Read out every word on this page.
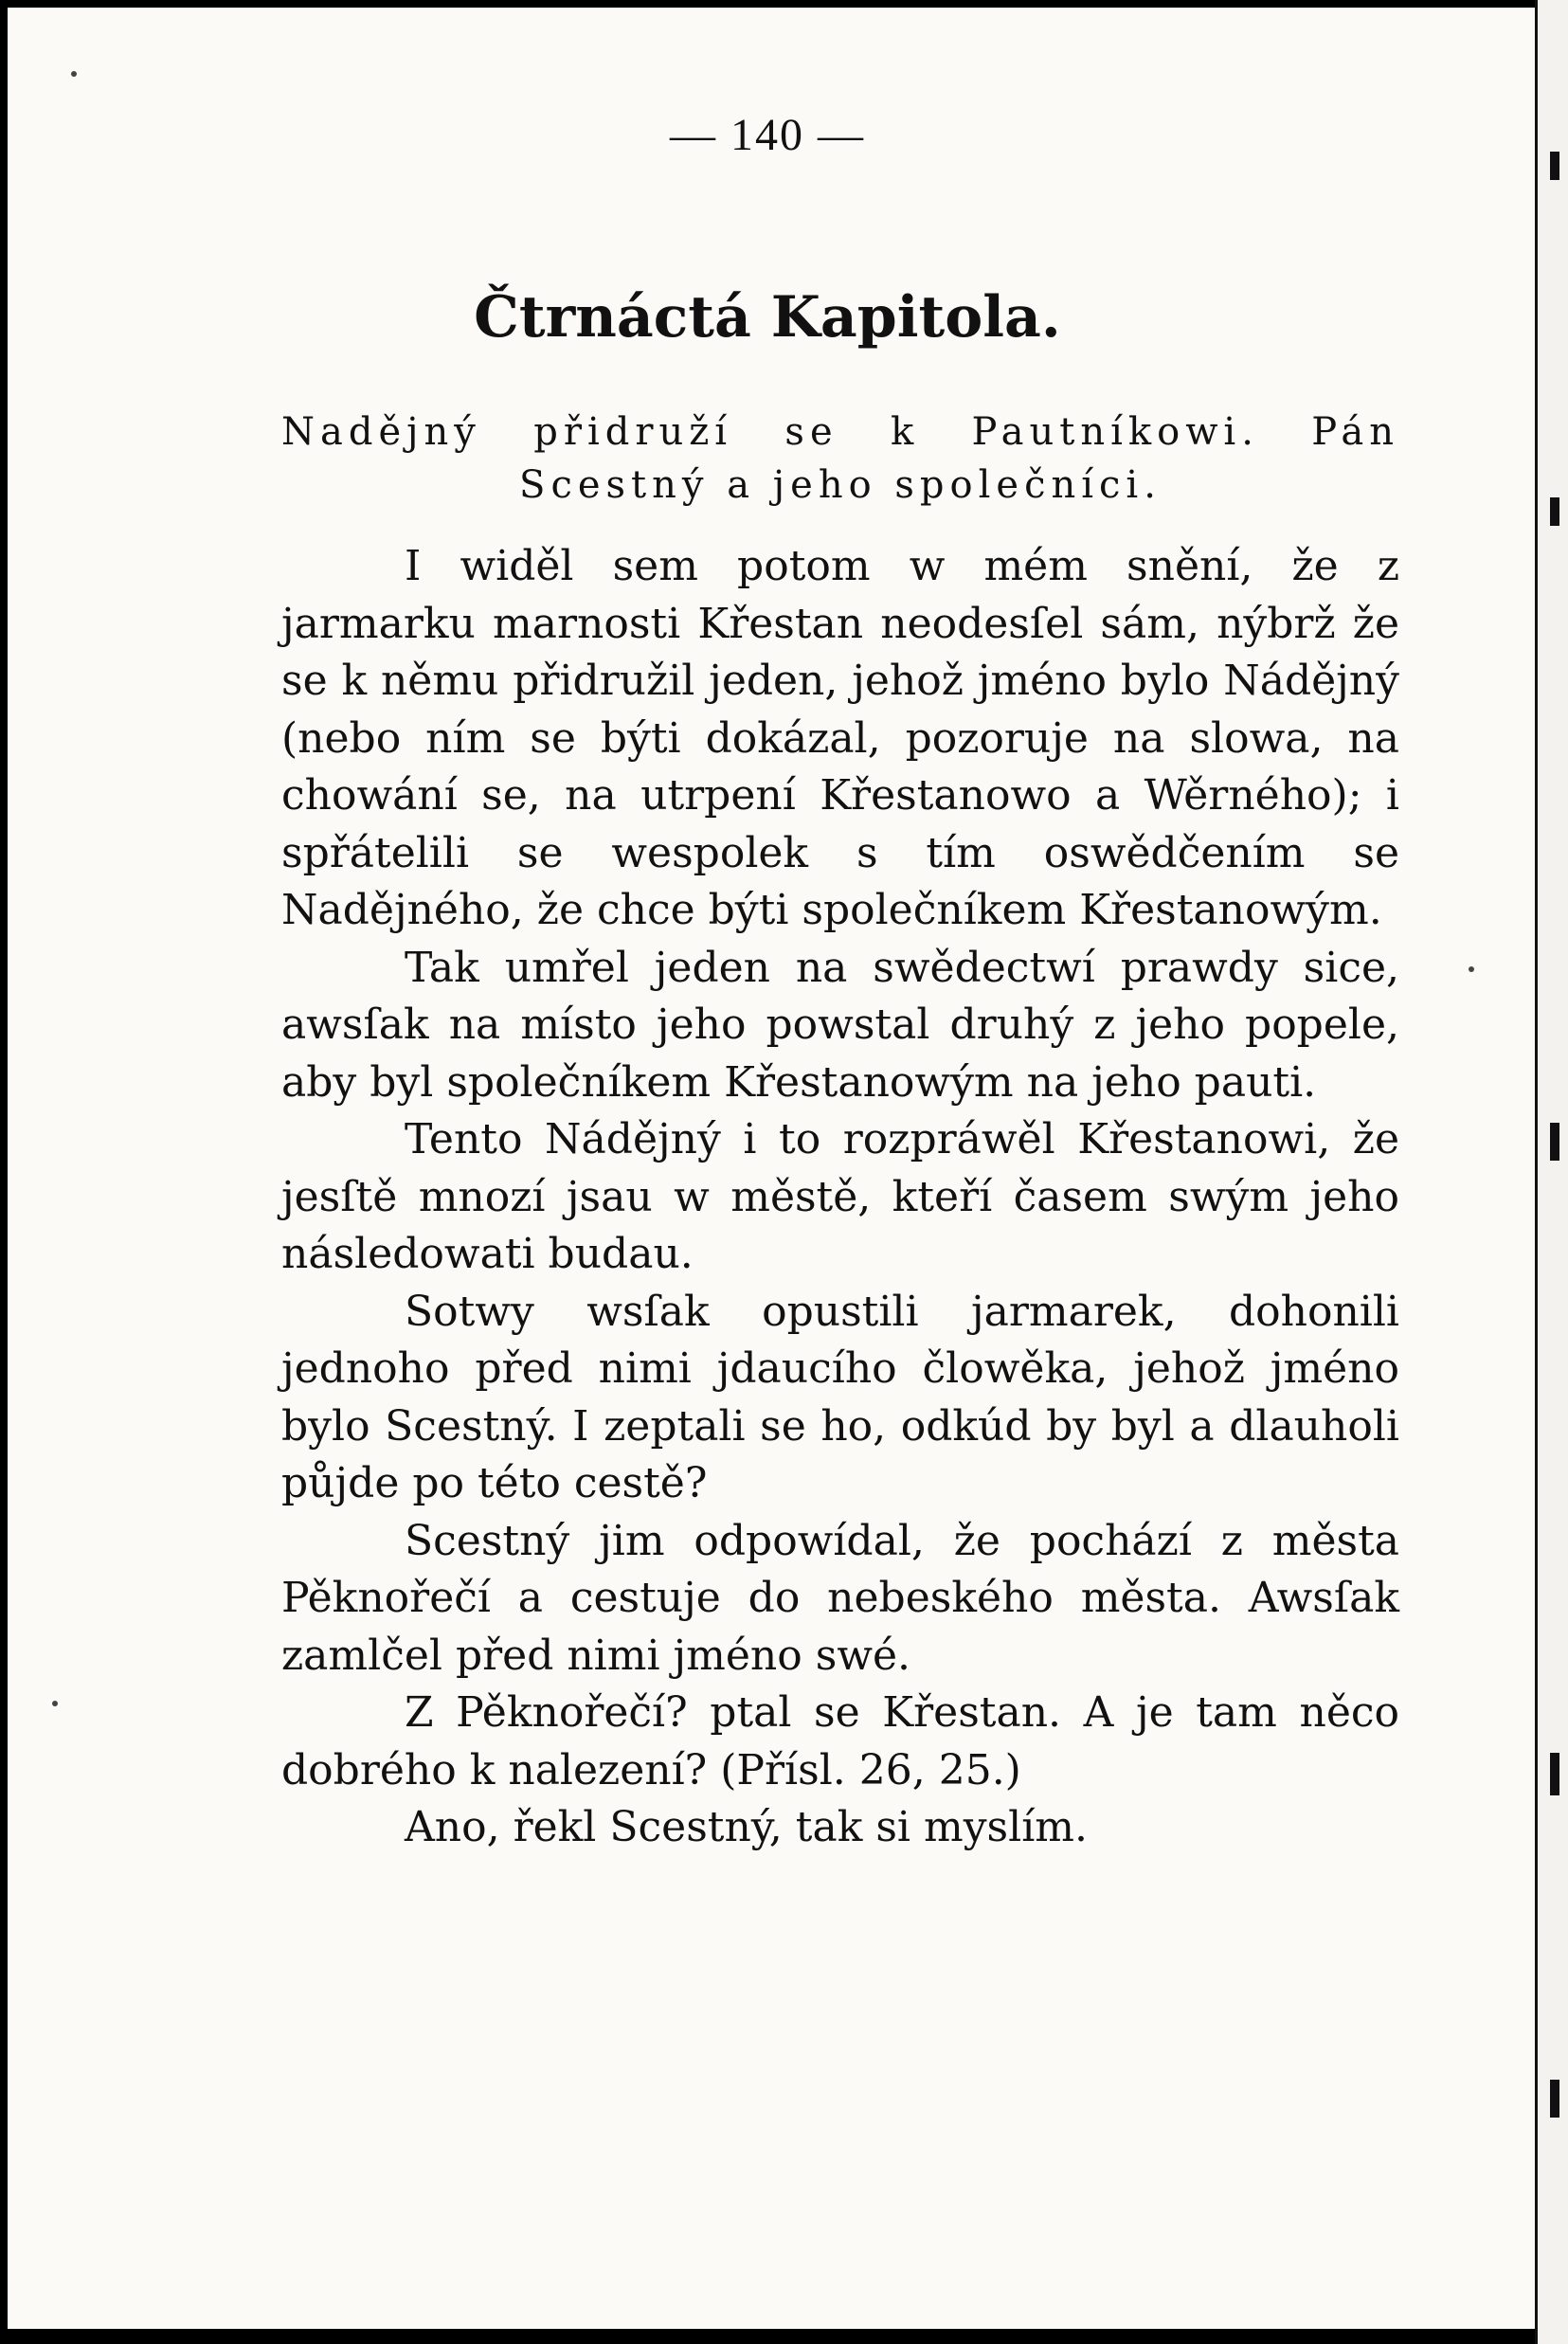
— 140 —
Čtrnáctá Kapitola.
Nadějný přidruží se k Pautníkowi. Pán Scestný a jeho společníci.

I widěl sem potom w mém snění, že z jarmarku marnosti Křestan neodesſel sám, nýbrž že se k němu přidružil jeden, jehož jméno bylo Nádějný (nebo ním se býti dokázal, pozoruje na slowa, na chowání se, na utrpení Křestanowo a Wěrného); i spřátelili se wespolek s tím oswědčením se Nadějného, že chce býti společníkem Křestanowým.

Tak umřel jeden na swědectwí prawdy sice, awsſak na místo jeho powstal druhý z jeho popele, aby byl společníkem Křestanowým na jeho pauti.

Tento Nádějný i to rozpráwěl Křestanowi, že jesſtě mnozí jsau w městě, kteří časem swým jeho následowati budau.

Sotwy wsſak opustili jarmarek, dohonili jednoho před nimi jdaucího člowěka, jehož jméno bylo Scestný. I zeptali se ho, odkúd by byl a dlauholi půjde po této cestě?

Scestný jim odpowídal, že pochází z města Pěknořečí a cestuje do nebeského města. Awsſak zamlčel před nimi jméno swé.

Z Pěknořečí? ptal se Křestan. A je tam něco dobrého k nalezení? (Přísl. 26, 25.)

Ano, řekl Scestný, tak si myslím.
